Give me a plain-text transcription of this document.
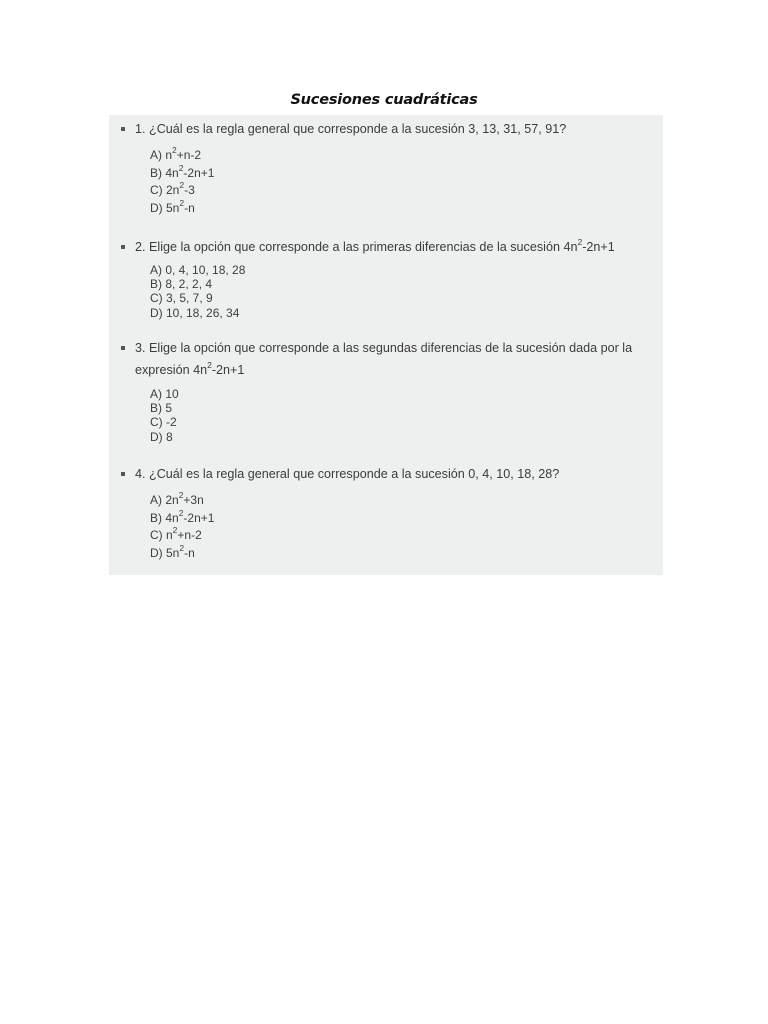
Sucesiones cuadráticas
1. ¿Cuál es la regla general que corresponde a la sucesión 3, 13, 31, 57, 91?
A) $n^2+n-2$
B) $4n^2-2n+1$
C) $2n^2-3$
D) $5n^2-n$
2. Elige la opción que corresponde a las primeras diferencias de la sucesión $4n^2-2n+1$
A) 0, 4, 10, 18, 28
B) 8, 2, 2, 4
C) 3, 5, 7, 9
D) 10, 18, 26, 34
3. Elige la opción que corresponde a las segundas diferencias de la sucesión dada por la
expresión $4n^2-2n+1$
A) 10
B) 5
C) -2
D) 8
4. ¿Cuál es la regla general que corresponde a la sucesión 0, 4, 10, 18, 28?
A) $2n^2+3n$
B) $4n^2-2n+1$
C) $n^2+n-2$
D) $5n^2-n$
